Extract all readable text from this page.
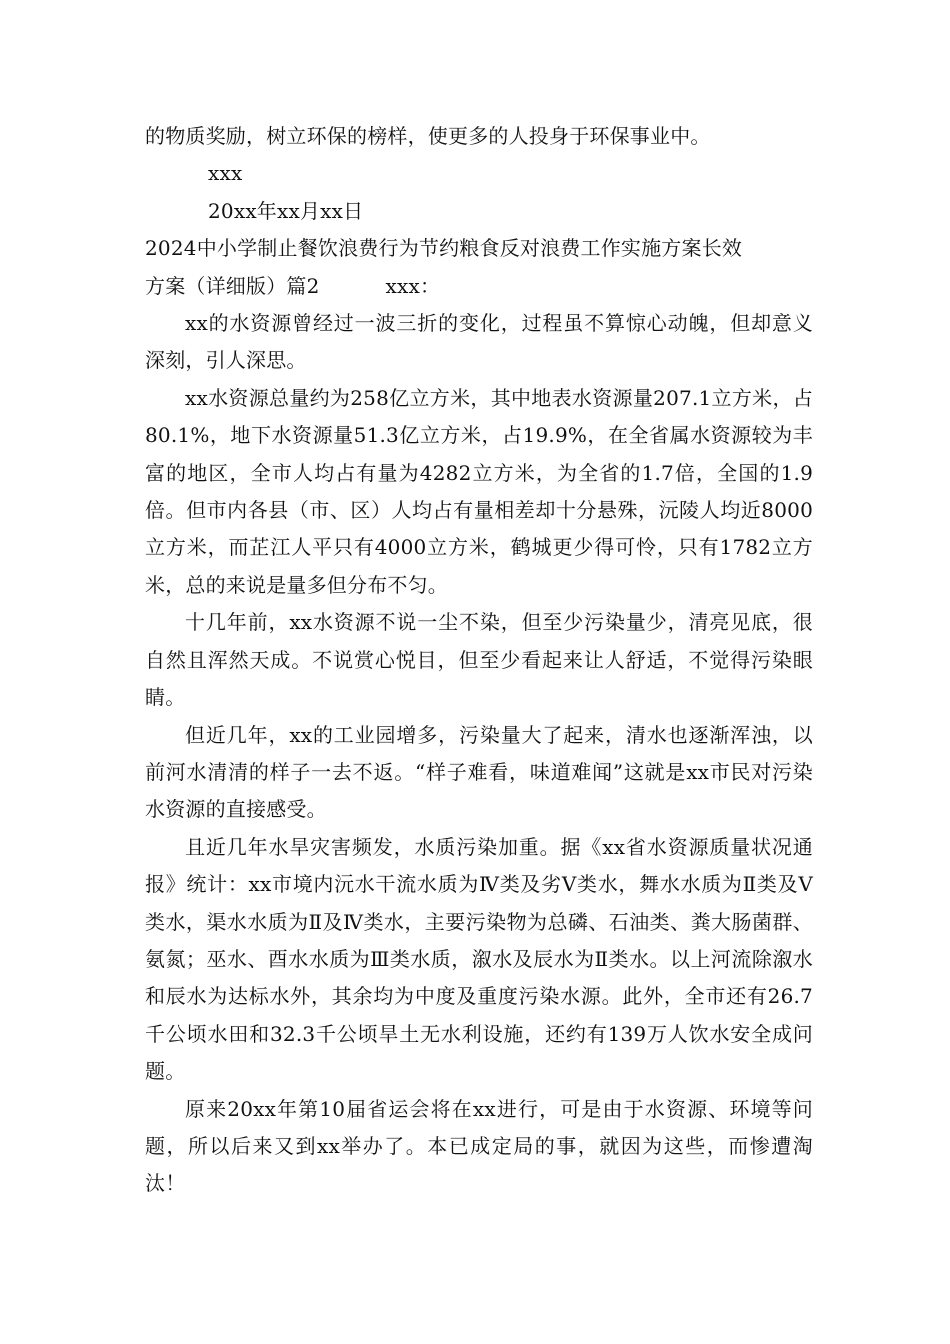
的物质奖励，树立环保的榜样，使更多的人投身于环保事业中。
xxx
20xx年xx月xx日
2024中小学制止餐饮浪费行为节约粮食反对浪费工作实施方案长效
方案（详细版）篇2	xxx：

xx的水资源曾经过一波三折的变化，过程虽不算惊心动魄，但却意义深刻，引人深思。

xx水资源总量约为258亿立方米，其中地表水资源量207.1立方米，占80.1%，地下水资源量51.3亿立方米，占19.9%，在全省属水资源较为丰富的地区，全市人均占有量为4282立方米，为全省的1.7倍，全国的1.9倍。但市内各县（市、区）人均占有量相差却十分悬殊，沅陵人均近8000立方米，而芷江人平只有4000立方米，鹤城更少得可怜，只有1782立方米，总的来说是量多但分布不匀。

十几年前，xx水资源不说一尘不染，但至少污染量少，清亮见底，很自然且浑然天成。不说赏心悦目，但至少看起来让人舒适，不觉得污染眼睛。

但近几年，xx的工业园增多，污染量大了起来，清水也逐渐浑浊，以前河水清清的样子一去不返。“样子难看，味道难闻”这就是xx市民对污染水资源的直接感受。

且近几年水旱灾害频发，水质污染加重。据《xx省水资源质量状况通报》统计：xx市境内沅水干流水质为Ⅳ类及劣Ⅴ类水，舞水水质为Ⅱ类及Ⅴ类水，渠水水质为Ⅱ及Ⅳ类水，主要污染物为总磷、石油类、粪大肠菌群、氨氮；巫水、酉水水质为Ⅲ类水质，溆水及辰水为Ⅱ类水。以上河流除溆水和辰水为达标水外，其余均为中度及重度污染水源。此外，全市还有26.7千公顷水田和32.3千公顷旱土无水利设施，还约有139万人饮水安全成问题。

原来20xx年第10届省运会将在xx进行，可是由于水资源、环境等问题，所以后来又到xx举办了。本已成定局的事，就因为这些，而惨遭淘汰！
